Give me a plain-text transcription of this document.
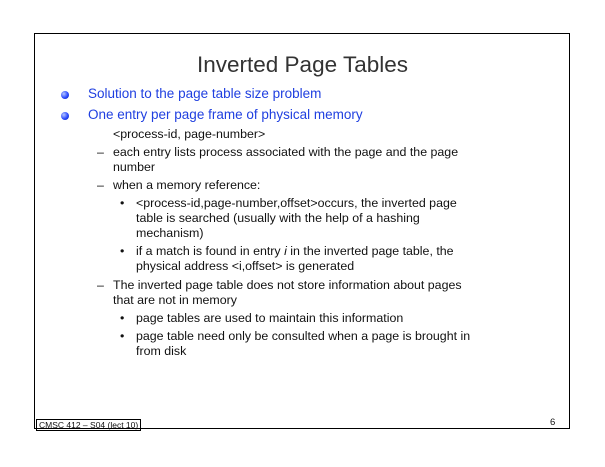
Inverted Page Tables
Solution to the page table size problem
One entry per page frame of physical memory
<process-id, page-number>
– each entry lists process associated with the page and the page
number
– when a memory reference:
• <process-id,page-number,offset>occurs, the inverted page
table is searched (usually with the help of a hashing
mechanism)
• if a match is found in entry i in the inverted page table, the
physical address <i,offset> is generated
– The inverted page table does not store information about pages
that are not in memory
• page tables are used to maintain this information
• page table need only be consulted when a page is brought in
from disk
CMSC 412 – S04 (lect 10)	6
